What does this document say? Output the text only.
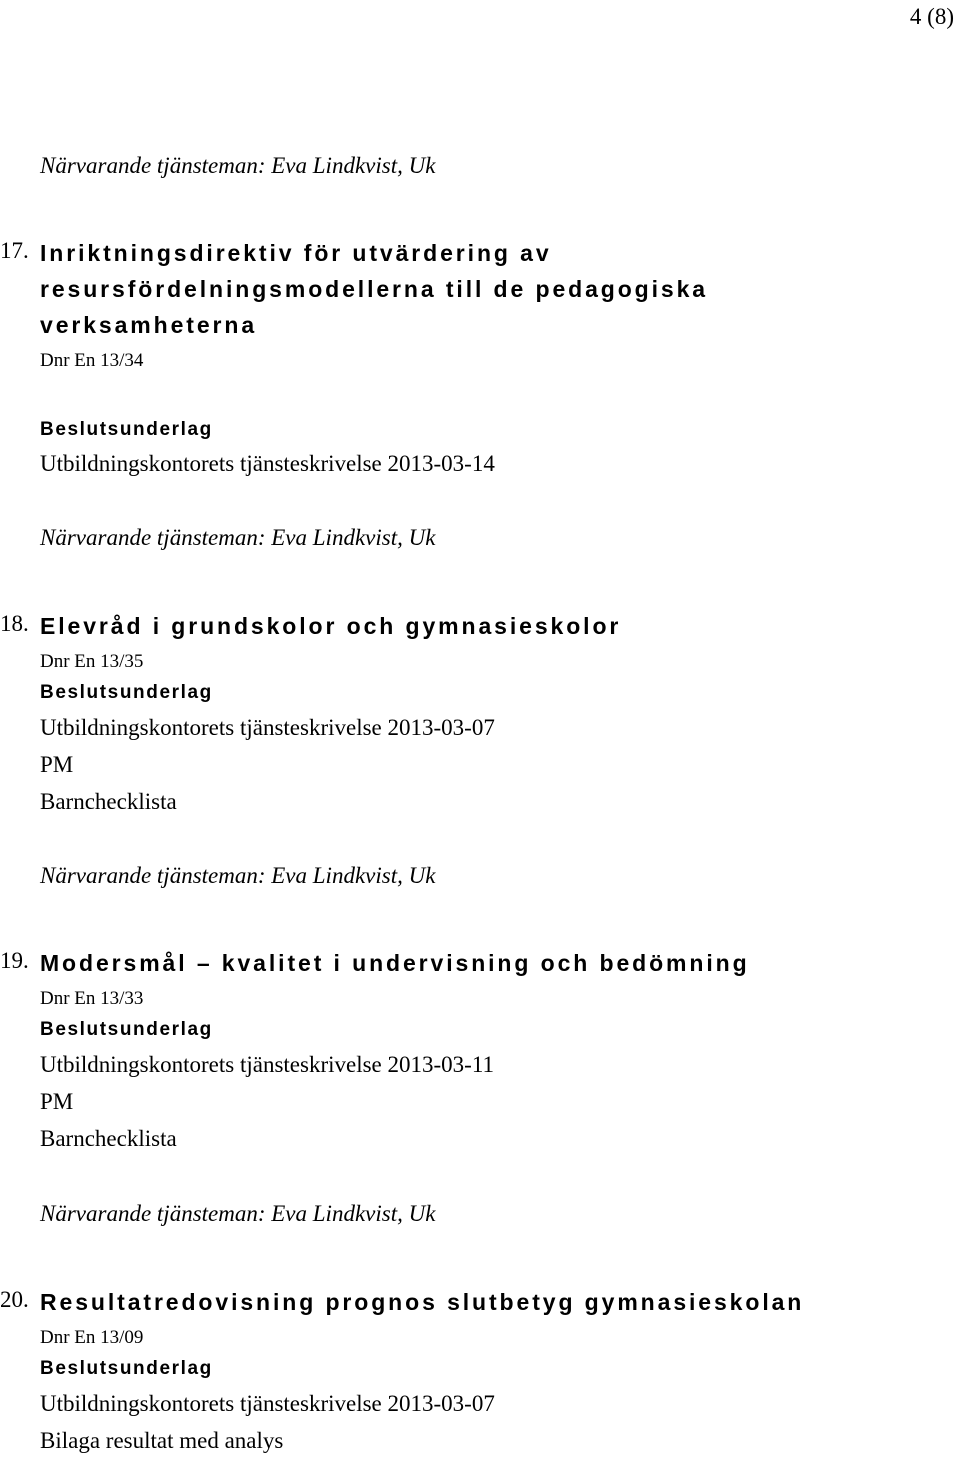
4 (8)
Närvarande tjänsteman: Eva Lindkvist, Uk
17. Inriktningsdirektiv för utvärdering av
resursfördelningsmodellerna till de pedagogiska
verksamheterna
Dnr En 13/34
Beslutsunderlag
Utbildningskontorets tjänsteskrivelse 2013-03-14
Närvarande tjänsteman: Eva Lindkvist, Uk
18. Elevråd i grundskolor och gymnasieskolor
Dnr En 13/35
Beslutsunderlag
Utbildningskontorets tjänsteskrivelse 2013-03-07
PM
Barnchecklista
Närvarande tjänsteman: Eva Lindkvist, Uk
19. Modersmål – kvalitet i undervisning och bedömning
Dnr En 13/33
Beslutsunderlag
Utbildningskontorets tjänsteskrivelse 2013-03-11
PM
Barnchecklista
Närvarande tjänsteman: Eva Lindkvist, Uk
20. Resultatredovisning prognos slutbetyg gymnasieskolan
Dnr En 13/09
Beslutsunderlag
Utbildningskontorets tjänsteskrivelse 2013-03-07
Bilaga resultat med analys
